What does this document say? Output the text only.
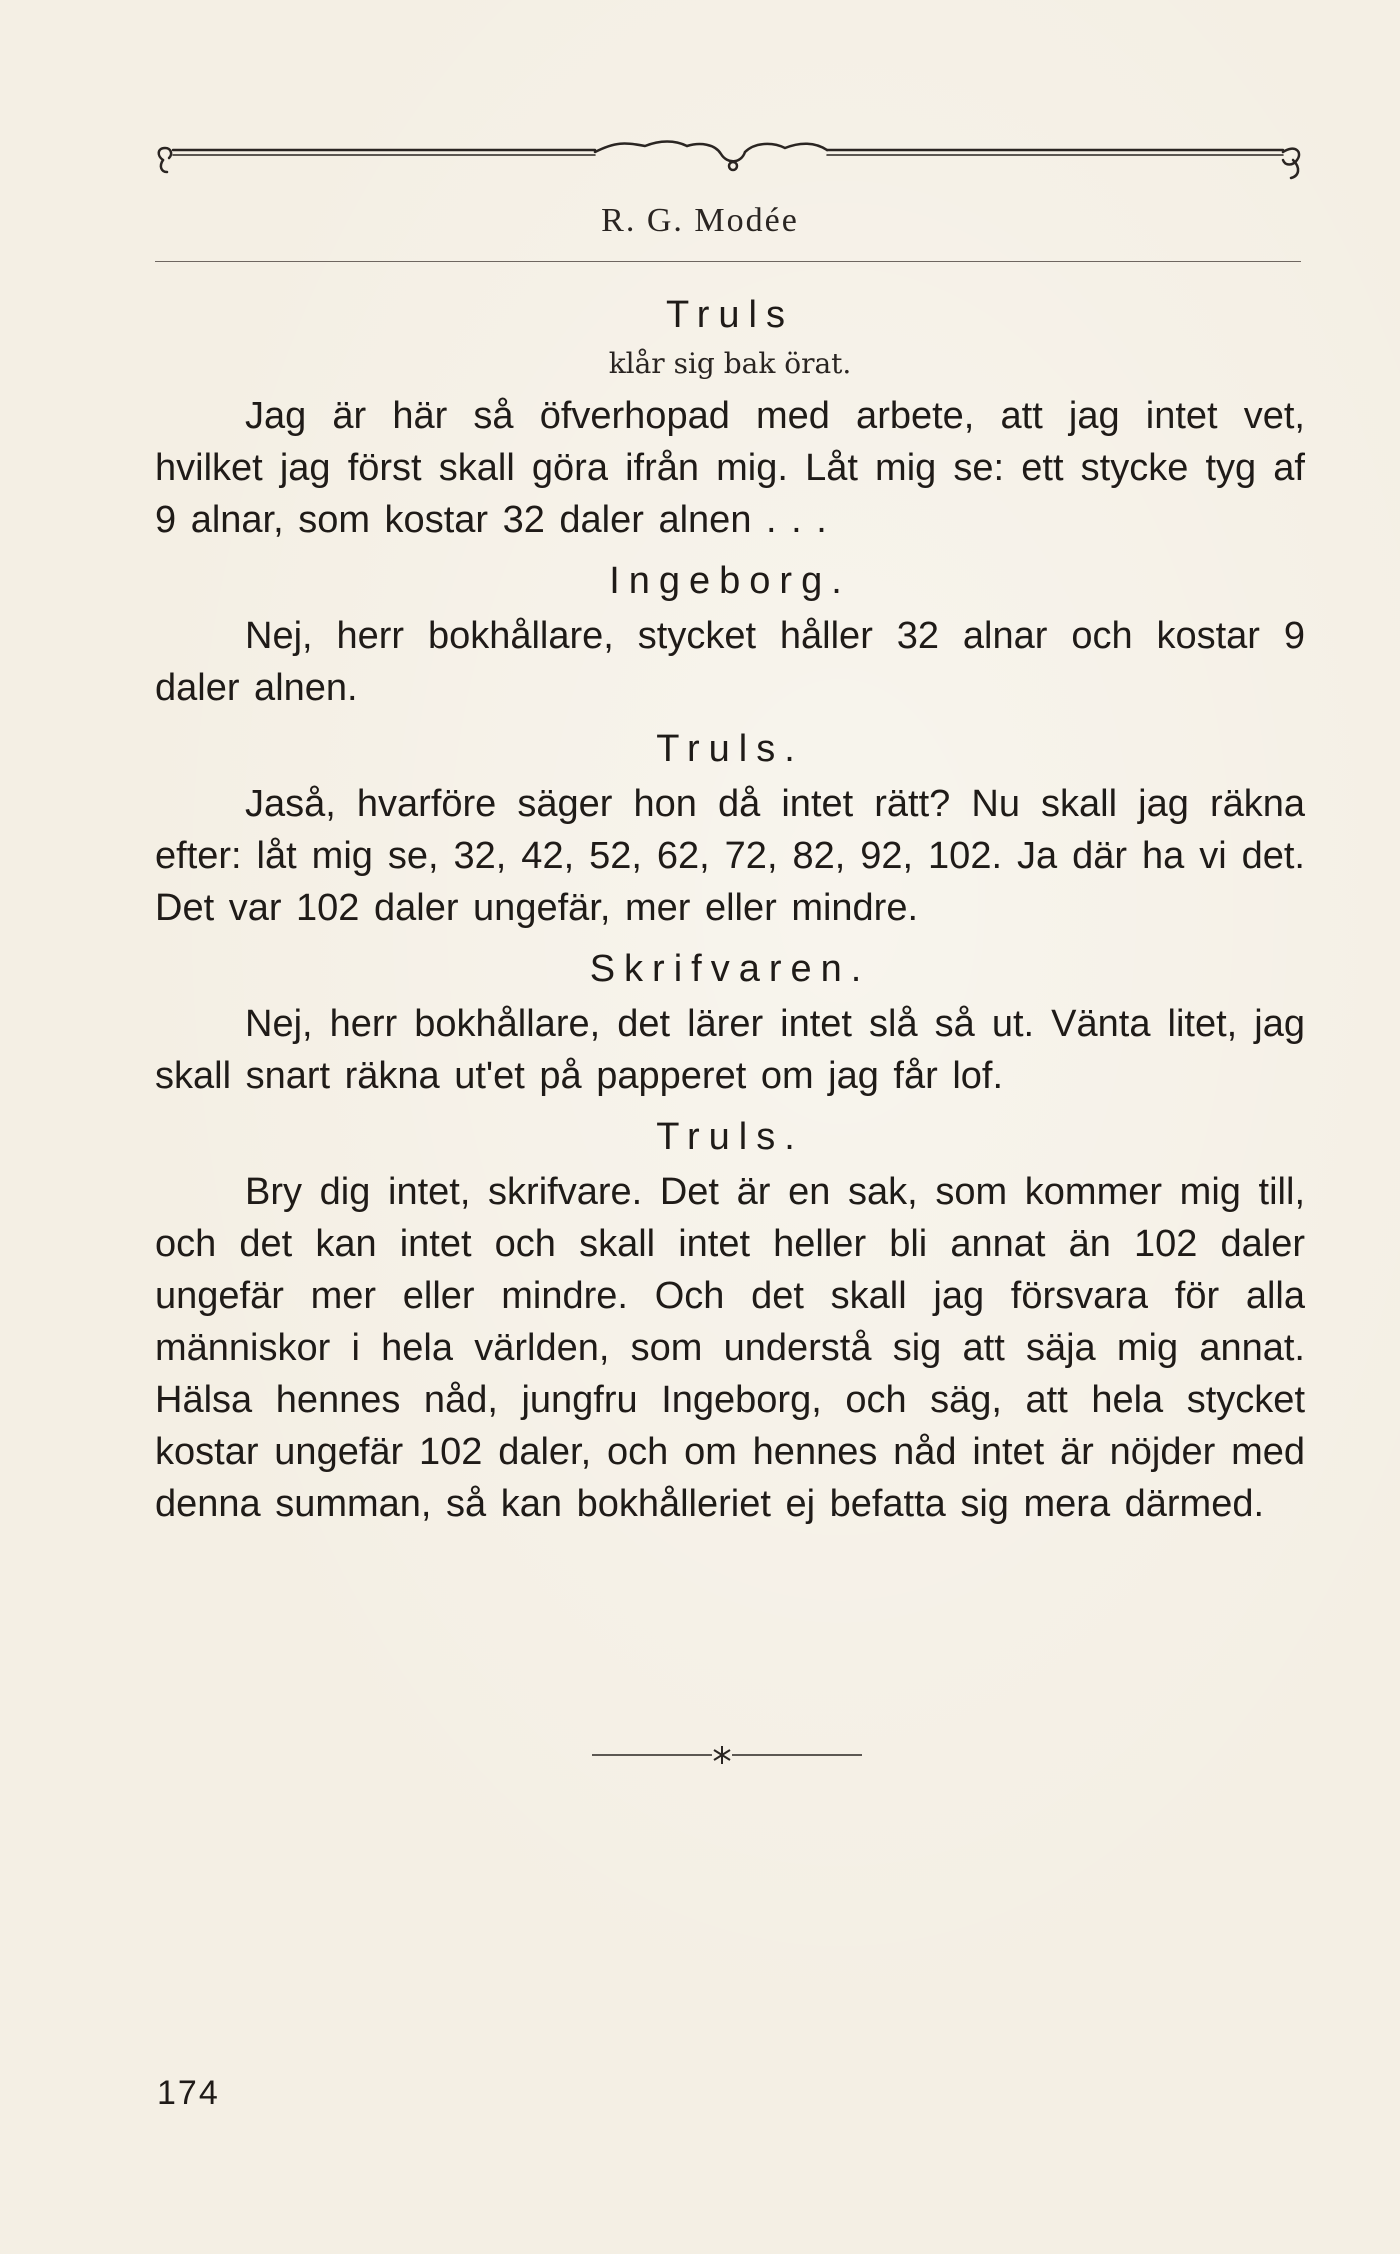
R. G. Modée
Truls
klår sig bak örat.
Jag är här så öfverhopad med arbete, att jag intet vet, hvilket jag först skall göra ifrån mig. Låt mig se: ett stycke tyg af 9 alnar, som kostar 32 daler alnen . . .
Ingeborg.
Nej, herr bokhållare, stycket håller 32 alnar och kostar 9 daler alnen.
Truls.
Jaså, hvarföre säger hon då intet rätt? Nu skall jag räkna efter: låt mig se, 32, 42, 52, 62, 72, 82, 92, 102. Ja där ha vi det. Det var 102 daler ungefär, mer eller mindre.
Skrifvaren.
Nej, herr bokhållare, det lärer intet slå så ut. Vänta litet, jag skall snart räkna ut'et på papperet om jag får lof.
Truls.
Bry dig intet, skrifvare. Det är en sak, som kommer mig till, och det kan intet och skall intet heller bli annat än 102 daler ungefär mer eller mindre. Och det skall jag försvara för alla människor i hela världen, som understå sig att säja mig annat. Hälsa hennes nåd, jungfru Ingeborg, och säg, att hela stycket kostar ungefär 102 daler, och om hennes nåd intet är nöjder med denna summan, så kan bokhålleriet ej befatta sig mera därmed.
174
